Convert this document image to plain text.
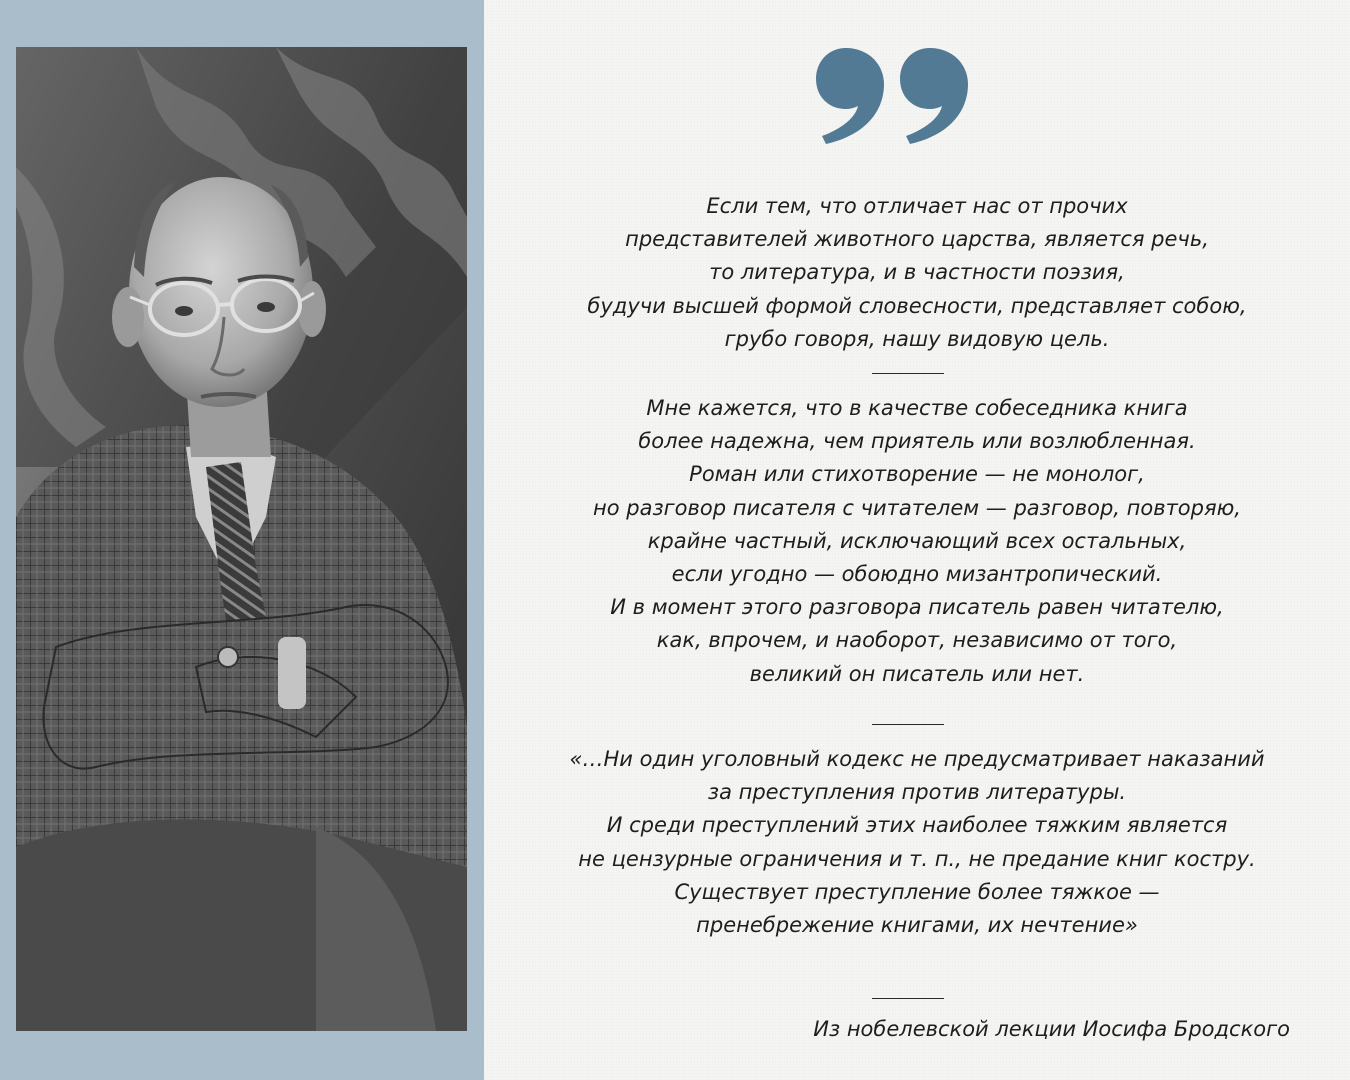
Если тем, что отличает нас от прочих
представителей животного царства, является речь,
то литература, и в частности поэзия,
будучи высшей формой словесности, представляет собою,
грубо говоря, нашу видовую цель.
Мне кажется, что в качестве собеседника книга
более надежна, чем приятель или возлюбленная.
Роман или стихотворение — не монолог,
но разговор писателя с читателем — разговор, повторяю,
крайне частный, исключающий всех остальных,
если угодно — обоюдно мизантропический.
И в момент этого разговора писатель равен читателю,
как, впрочем, и наоборот, независимо от того,
великий он писатель или нет.
«…Ни один уголовный кодекс не предусматривает наказаний
за преступления против литературы.
И среди преступлений этих наиболее тяжким является
не цензурные ограничения и т. п., не предание книг костру.
Существует преступление более тяжкое —
пренебрежение книгами, их нечтение»
Из нобелевской лекции Иосифа Бродского
